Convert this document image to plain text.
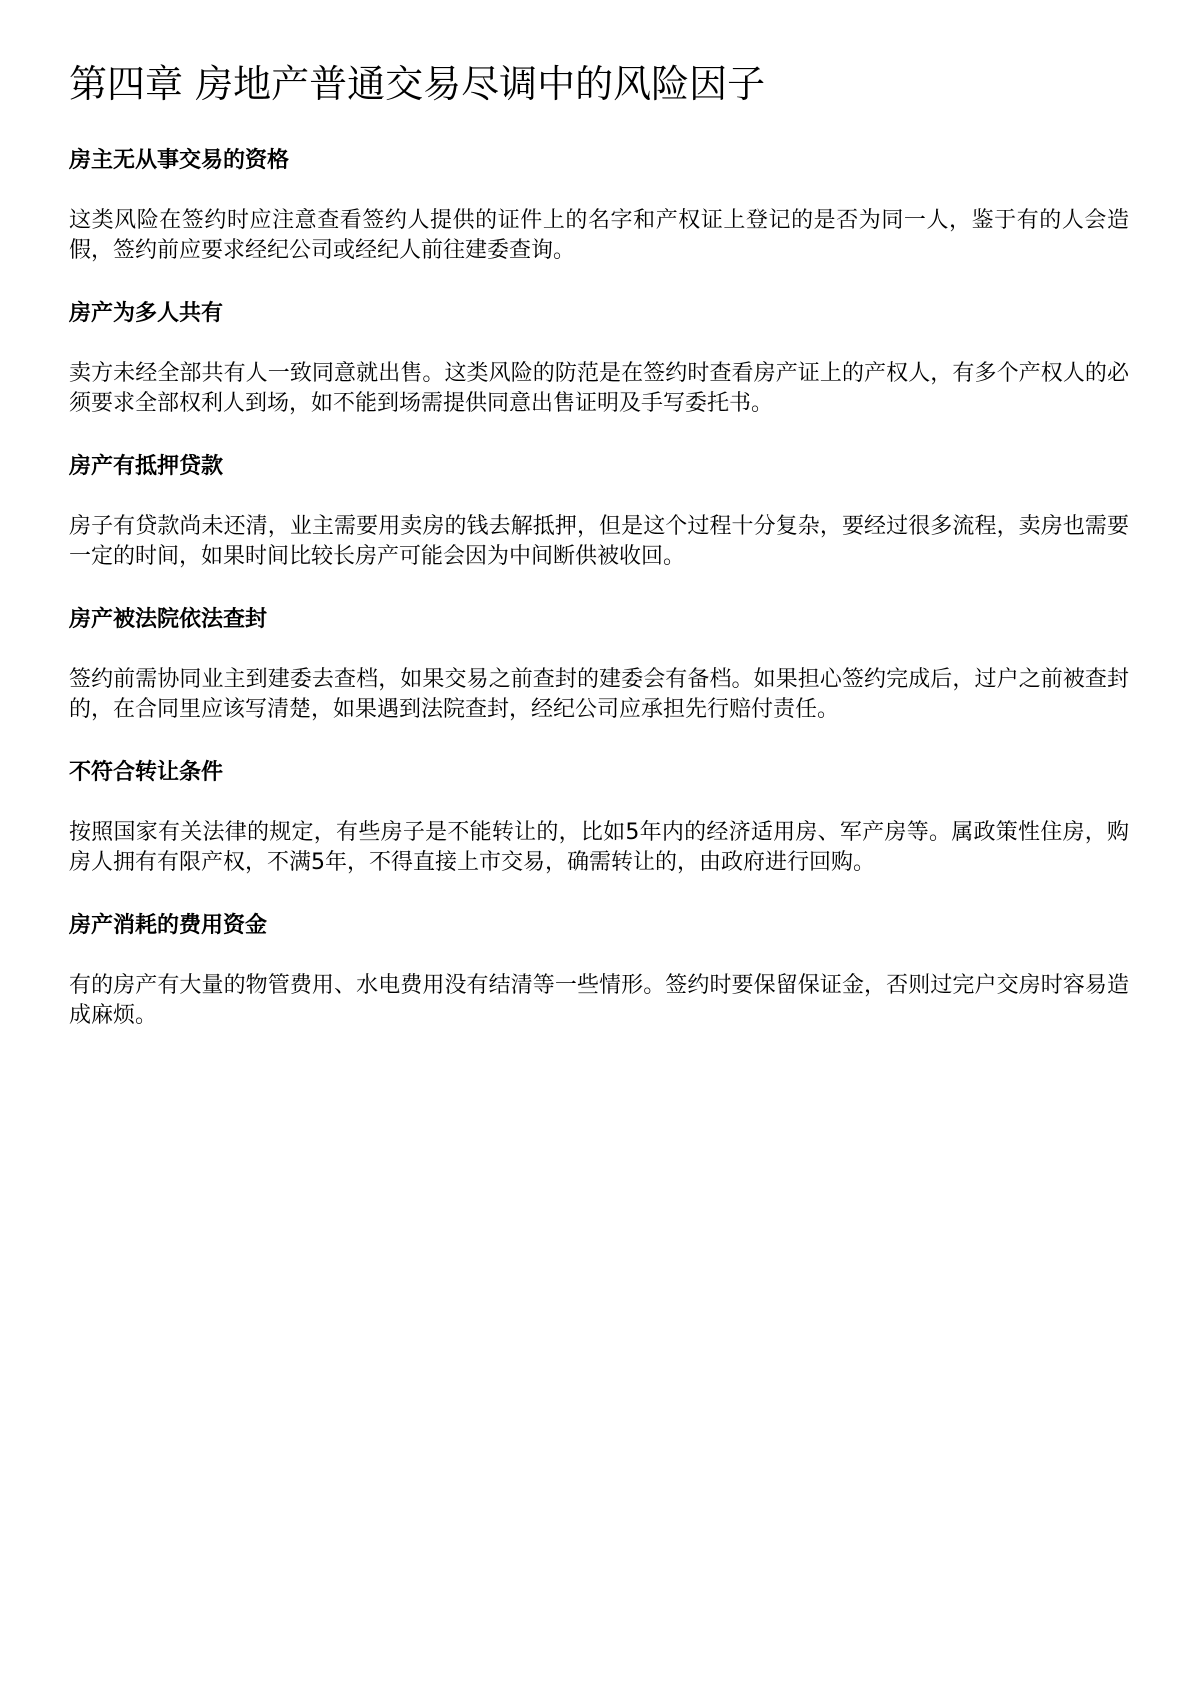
第四章 房地产普通交易尽调中的风险因子
房主无从事交易的资格

这类风险在签约时应注意查看签约人提供的证件上的名字和产权证上登记的是否为同一人，鉴于有的人会造假，签约前应要求经纪公司或经纪人前往建委查询。

房产为多人共有

卖方未经全部共有人一致同意就出售。这类风险的防范是在签约时查看房产证上的产权人，有多个产权人的必须要求全部权利人到场，如不能到场需提供同意出售证明及手写委托书。

房产有抵押贷款

房子有贷款尚未还清，业主需要用卖房的钱去解抵押，但是这个过程十分复杂，要经过很多流程，卖房也需要一定的时间，如果时间比较长房产可能会因为中间断供被收回。

房产被法院依法查封

签约前需协同业主到建委去查档，如果交易之前查封的建委会有备档。如果担心签约完成后，过户之前被查封的，在合同里应该写清楚，如果遇到法院查封，经纪公司应承担先行赔付责任。

不符合转让条件

按照国家有关法律的规定，有些房子是不能转让的，比如5年内的经济适用房、军产房等。属政策性住房，购房人拥有有限产权，不满5年，不得直接上市交易，确需转让的，由政府进行回购。

房产消耗的费用资金

有的房产有大量的物管费用、水电费用没有结清等一些情形。签约时要保留保证金，否则过完户交房时容易造成麻烦。
